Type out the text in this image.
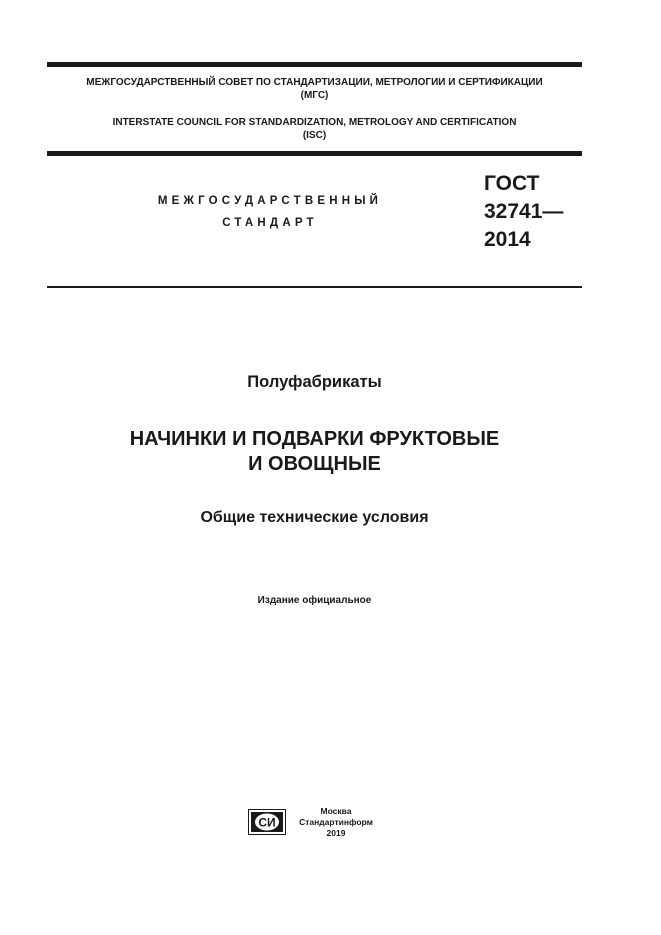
МЕЖГОСУДАРСТВЕННЫЙ СОВЕТ ПО СТАНДАРТИЗАЦИИ, МЕТРОЛОГИИ И СЕРТИФИКАЦИИ
(МГС)
INTERSTATE COUNCIL FOR STANDARDIZATION, METROLOGY AND CERTIFICATION
(ISC)
МЕЖГОСУДАРСТВЕННЫЙ
СТАНДАРТ
ГОСТ
32741—
2014
Полуфабрикаты
НАЧИНКИ И ПОДВАРКИ ФРУКТОВЫЕ
И ОВОЩНЫЕ
Общие технические условия
Издание официальное
СИ
Москва
Стандартинформ
2019
